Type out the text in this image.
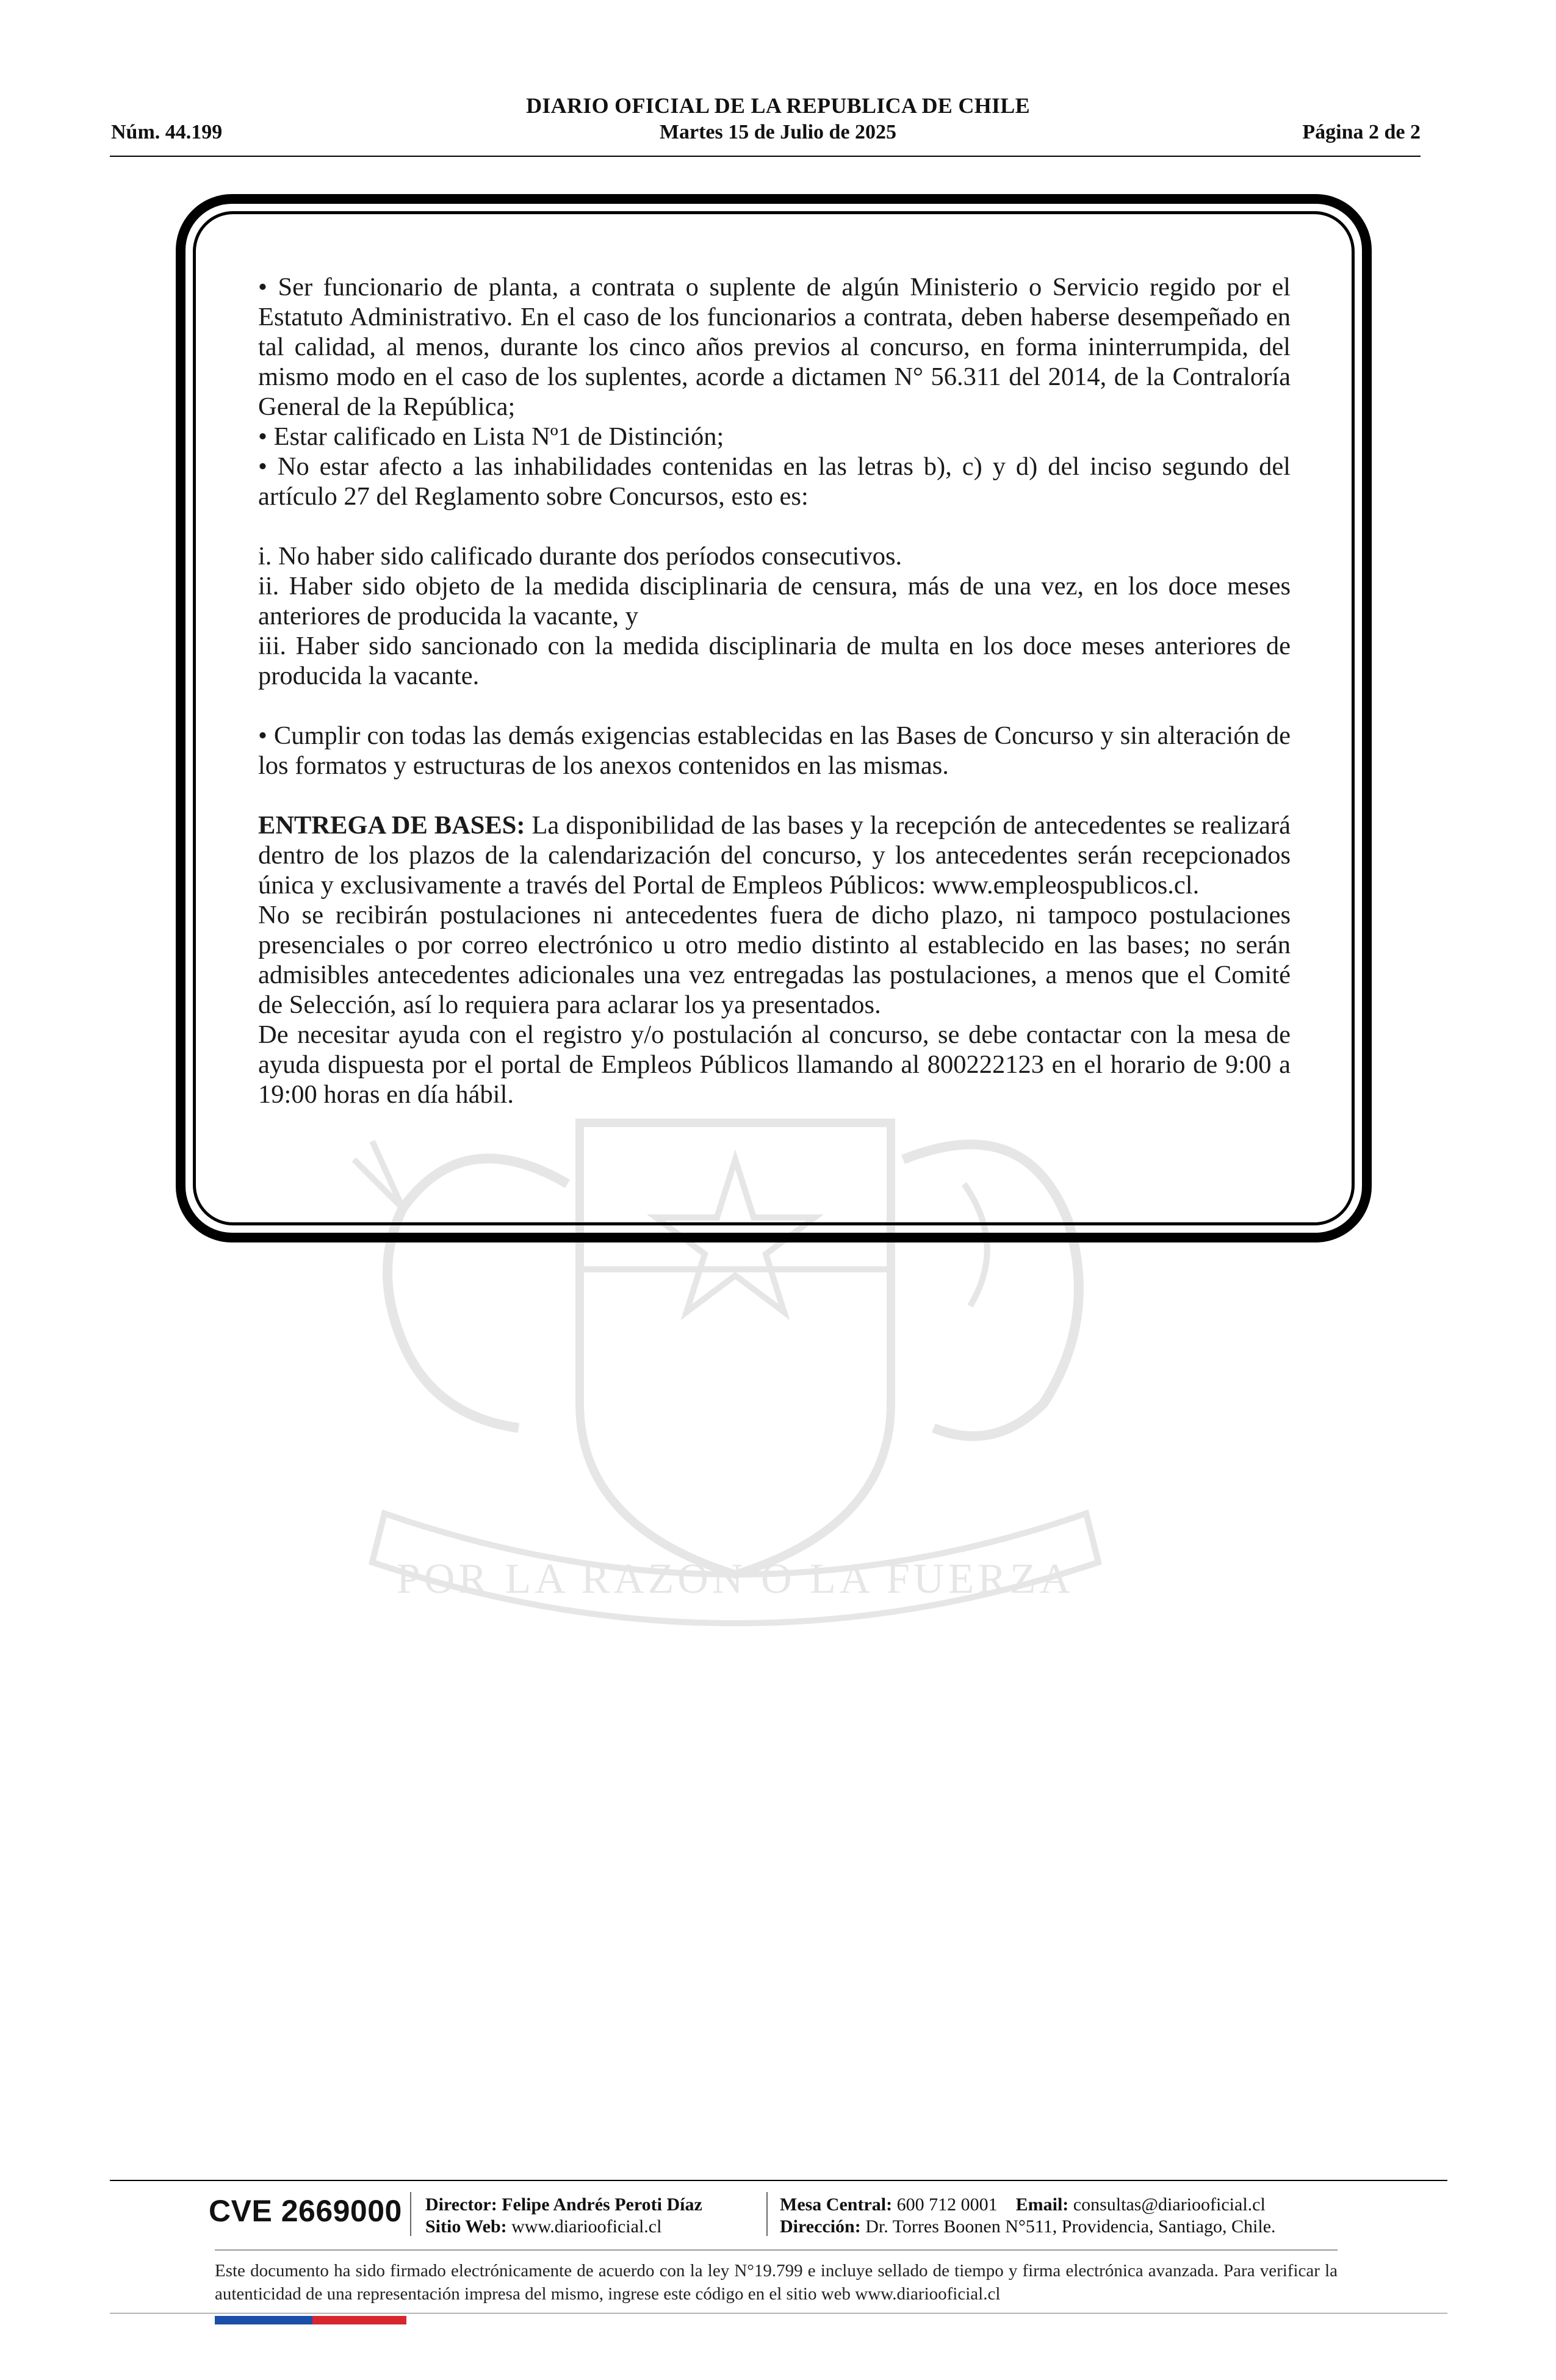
DIARIO OFICIAL DE LA REPUBLICA DE CHILE
Núm. 44.199	Martes 15 de Julio de 2025	Página 2 de 2
POR LA RAZON O LA FUERZA

• Ser funcionario de planta, a contrata o suplente de algún Ministerio o Servicio regido por el Estatuto Administrativo. En el caso de los funcionarios a contrata, deben haberse desempeñado en tal calidad, al menos, durante los cinco años previos al concurso, en forma ininterrumpida, del mismo modo en el caso de los suplentes, acorde a dictamen N° 56.311 del 2014, de la Contraloría General de la República;

• Estar calificado en Lista Nº1 de Distinción;

• No estar afecto a las inhabilidades contenidas en las letras b), c) y d) del inciso segundo del artículo 27 del Reglamento sobre Concursos, esto es:

i. No haber sido calificado durante dos períodos consecutivos.

ii. Haber sido objeto de la medida disciplinaria de censura, más de una vez, en los doce meses anteriores de producida la vacante, y

iii. Haber sido sancionado con la medida disciplinaria de multa en los doce meses anteriores de producida la vacante.

• Cumplir con todas las demás exigencias establecidas en las Bases de Concurso y sin alteración de los formatos y estructuras de los anexos contenidos en las mismas.

ENTREGA DE BASES: La disponibilidad de las bases y la recepción de antecedentes se realizará dentro de los plazos de la calendarización del concurso, y los antecedentes serán recepcionados única y exclusivamente a través del Portal de Empleos Públicos: www.empleospublicos.cl.

No se recibirán postulaciones ni antecedentes fuera de dicho plazo, ni tampoco postulaciones presenciales o por correo electrónico u otro medio distinto al establecido en las bases; no serán admisibles antecedentes adicionales una vez entregadas las postulaciones, a menos que el Comité de Selección, así lo requiera para aclarar los ya presentados.

De necesitar ayuda con el registro y/o postulación al concurso, se debe contactar con la mesa de ayuda dispuesta por el portal de Empleos Públicos llamando al 800222123 en el horario de 9:00 a 19:00 horas en día hábil.

CVE 2669000 Director: Felipe Andrés Peroti Díaz
Sitio Web: www.diariooficial.cl
Mesa Central: 600 712 0001 Email: consultas@diariooficial.cl
Dirección: Dr. Torres Boonen N°511, Providencia, Santiago, Chile.
Este documento ha sido firmado electrónicamente de acuerdo con la ley N°19.799 e incluye sellado de tiempo y firma electrónica avanzada. Para verificar la autenticidad de una representación impresa del mismo, ingrese este código en el sitio web www.diariooficial.cl
